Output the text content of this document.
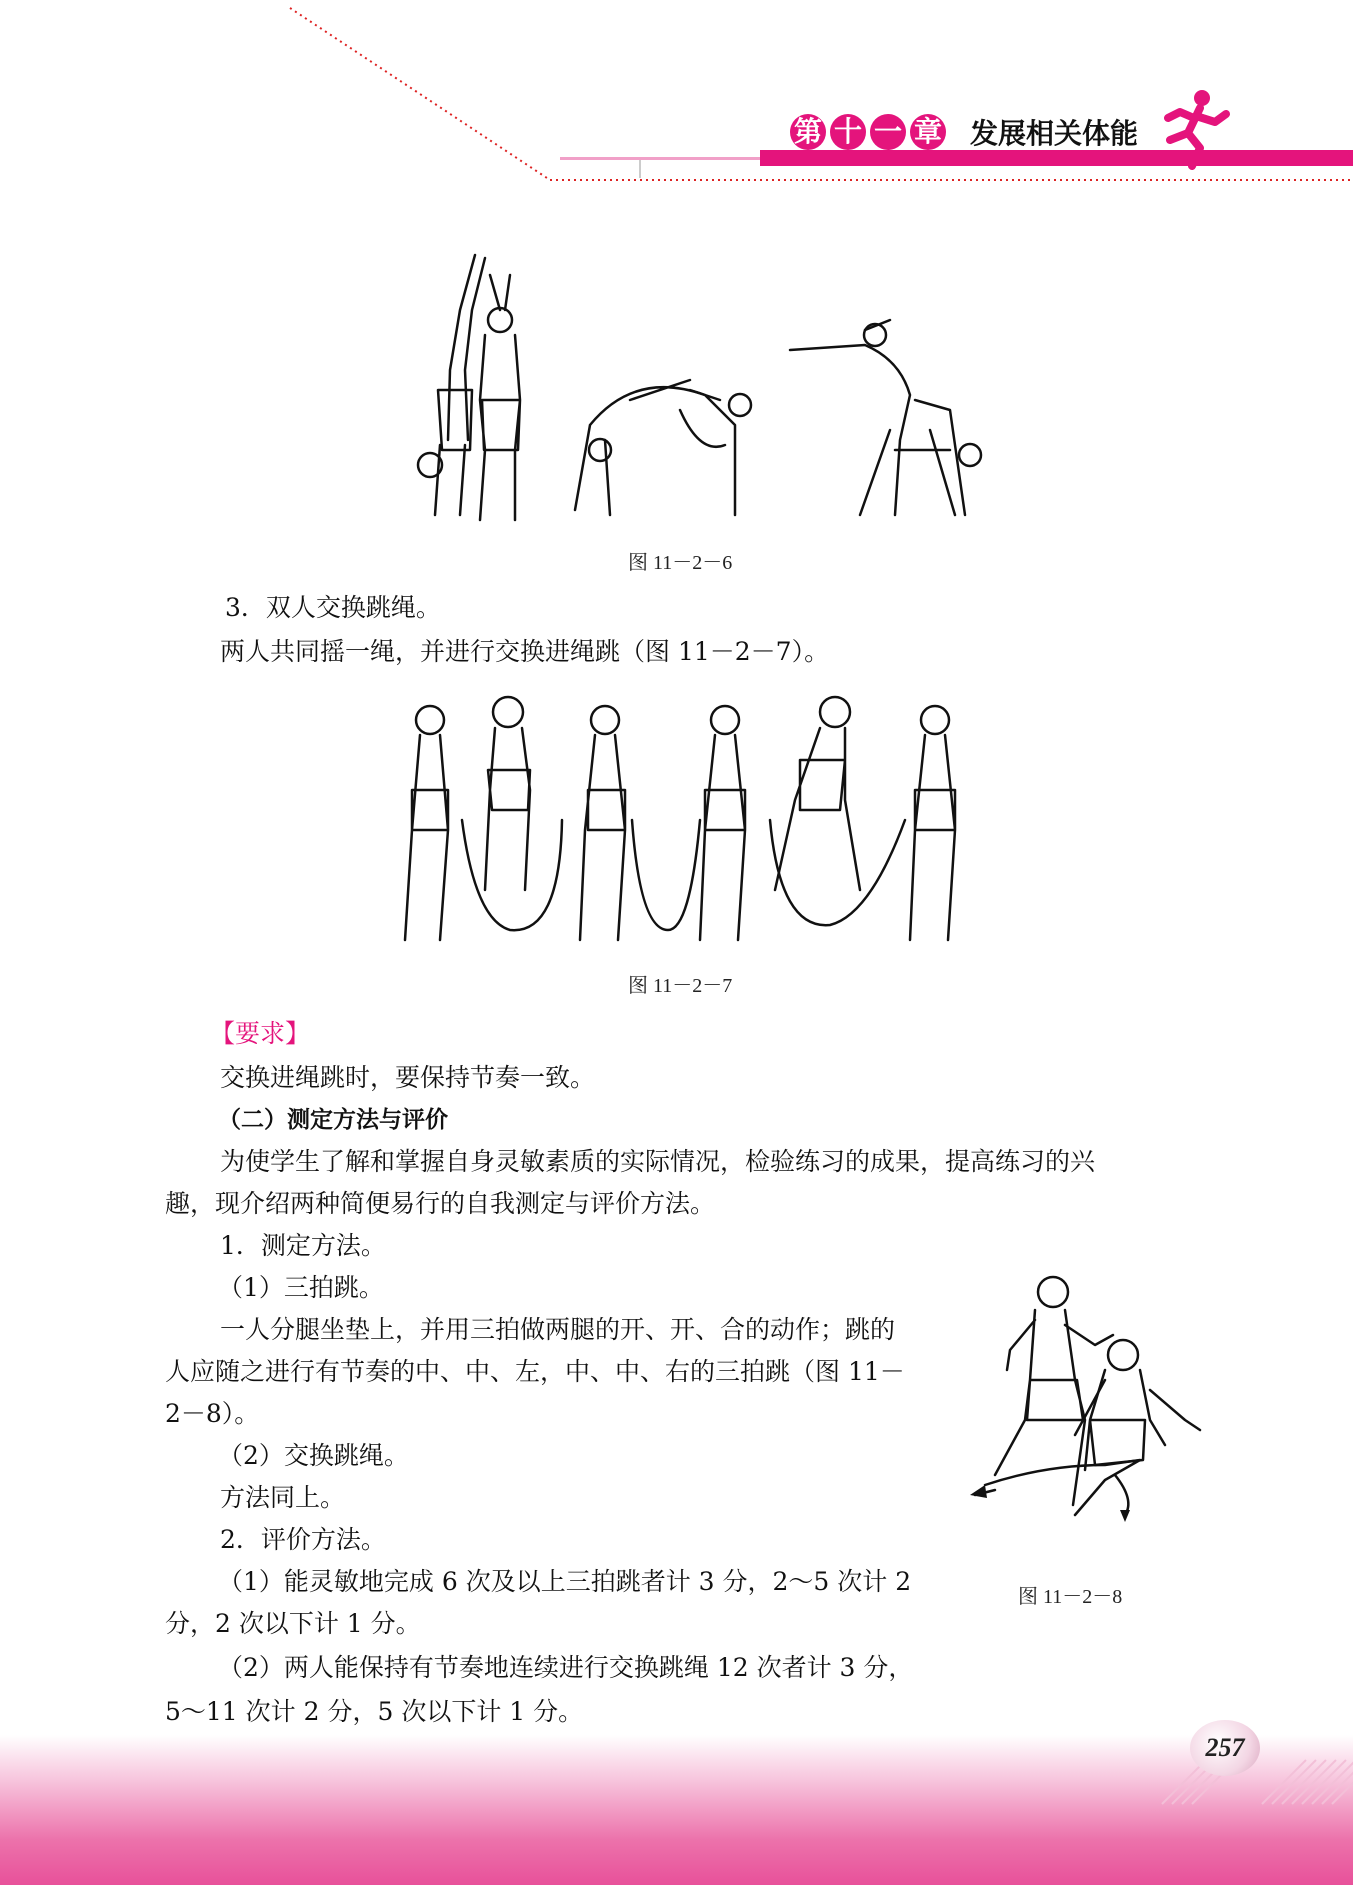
第 十 一 章 发展相关体能
图 11－2－6
3．双人交换跳绳。
两人共同摇一绳，并进行交换进绳跳（图 11－2－7）。
图 11－2－7
【要求】
交换进绳跳时，要保持节奏一致。
（二）测定方法与评价
为使学生了解和掌握自身灵敏素质的实际情况，检验练习的成果，提高练习的兴
趣，现介绍两种简便易行的自我测定与评价方法。
1．测定方法。
（1）三拍跳。
一人分腿坐垫上，并用三拍做两腿的开、开、合的动作；跳的
人应随之进行有节奏的中、中、左，中、中、右的三拍跳（图 11－
2－8）。
（2）交换跳绳。
方法同上。
2．评价方法。
（1）能灵敏地完成 6 次及以上三拍跳者计 3 分，2～5 次计 2
分，2 次以下计 1 分。
（2）两人能保持有节奏地连续进行交换跳绳 12 次者计 3 分，
5～11 次计 2 分，5 次以下计 1 分。
图 11－2－8
257
